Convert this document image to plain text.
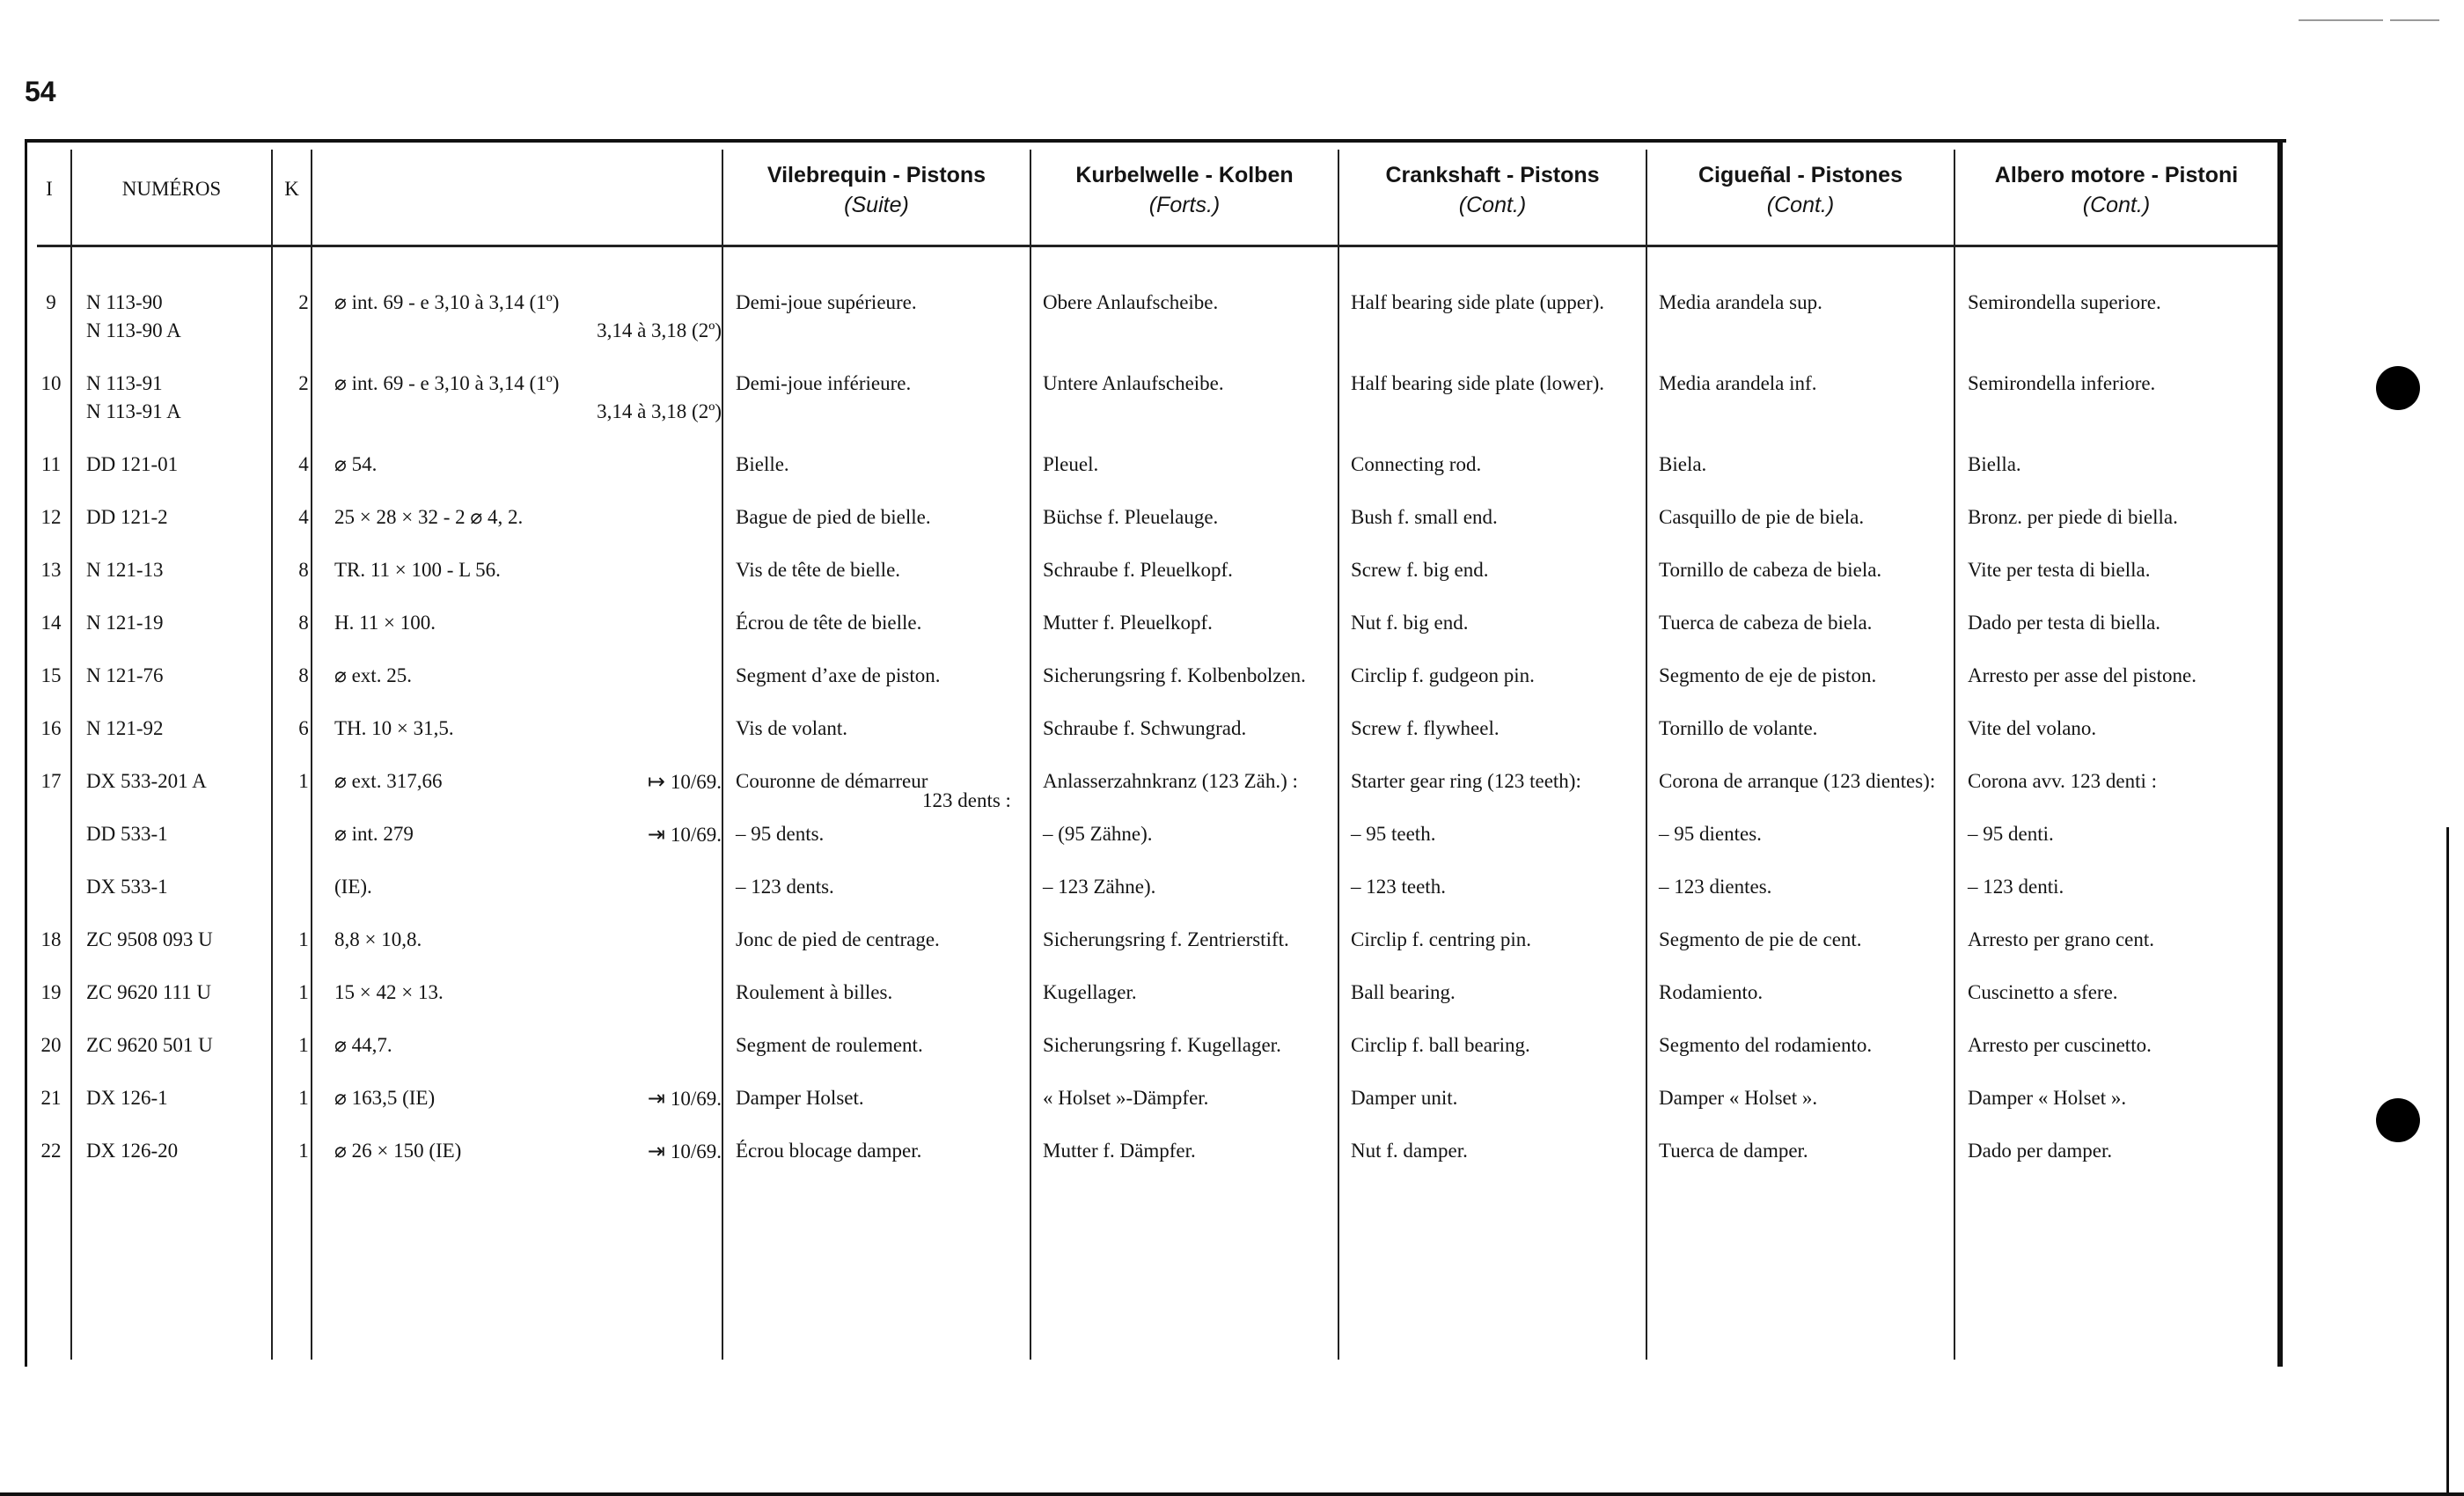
54
I	NUMÉROS	K
Vilebrequin - Pistons
(Suite)
Kurbelwelle - Kolben
(Forts.)
Crankshaft - Pistons
(Cont.)
Cigueñal - Pistones
(Cont.)
Albero motore - Pistoni
(Cont.)
9	N 113-90
N 113-90 A
2	⌀ int. 69 - e 3,10 à 3,14 (1º)
3,14 à 3,18 (2º)
Demi-joue supérieure.	Obere Anlaufscheibe.	Half bearing side plate (upper).	Media arandela sup.	Semirondella superiore.
10 N 113-91
N 113-91 A
2	⌀ int. 69 - e 3,10 à 3,14 (1º)
3,14 à 3,18 (2º)
Demi-joue inférieure.	Untere Anlaufscheibe.	Half bearing side plate (lower).	Media arandela inf.	Semirondella inferiore.
11	DD 121-01	4	⌀ 54.	Bielle.	Pleuel.	Connecting rod.	Biela.	Biella.
12 DD 121-2	4	25 × 28 × 32 - 2 ⌀ 4, 2.	Bague de pied de bielle.	Büchse f. Pleuelauge.	Bush f. small end.	Casquillo de pie de biela.	Bronz. per piede di biella.
13 N 121-13	8	TR. 11 × 100 - L 56.	Vis de tête de bielle.	Schraube f. Pleuelkopf.	Screw f. big end.	Tornillo de cabeza de biela.	Vite per testa di biella.
14 N 121-19	8	H. 11 × 100.	Écrou de tête de bielle.	Mutter f. Pleuelkopf.	Nut f. big end.	Tuerca de cabeza de biela.	Dado per testa di biella.
15 N 121-76	8	⌀ ext. 25.	Segment d’axe de piston.	Sicherungsring f. Kolbenbolzen. Circlip f. gudgeon pin.	Segmento de eje de piston.	Arresto per asse del pistone.
16 N 121-92	6	TH. 10 × 31,5.	Vis de volant.	Schraube f. Schwungrad.	Screw f. flywheel.	Tornillo de volante.	Vite del volano.
17 DX 533-201 A	1	⌀ ext. 317,66	↦ 10/69. Couronne de démarreur
123 dents :
Anlasserzahnkranz (123 Zäh.) :	Starter gear ring (123 teeth):	Corona de arranque (123 dientes): Corona avv. 123 denti :
DD 533-1	⌀ int. 279	⇥ 10/69. – 95 dents.	– (95 Zähne).	– 95 teeth.	– 95 dientes.	– 95 denti.
DX 533-1	(IE).	– 123 dents.	– 123 Zähne).	– 123 teeth.	– 123 dientes.	– 123 denti.
18 ZC 9508 093 U	1	8,8 × 10,8.	Jonc de pied de centrage.	Sicherungsring f. Zentrierstift.	Circlip f. centring pin.	Segmento de pie de cent.	Arresto per grano cent.
19 ZC 9620 111 U	1	15 × 42 × 13.	Roulement à billes.	Kugellager.	Ball bearing.	Rodamiento.	Cuscinetto a sfere.
20 ZC 9620 501 U	1	⌀ 44,7.	Segment de roulement.	Sicherungsring f. Kugellager.	Circlip f. ball bearing.	Segmento del rodamiento.	Arresto per cuscinetto.
21 DX 126-1	1	⌀ 163,5 (IE)	⇥ 10/69. Damper Holset.	« Holset »-Dämpfer.	Damper unit.	Damper « Holset ».	Damper « Holset ».
22 DX 126-20	1	⌀ 26 × 150 (IE)	⇥ 10/69. Écrou blocage damper.	Mutter f. Dämpfer.	Nut f. damper.	Tuerca de damper.	Dado per damper.
